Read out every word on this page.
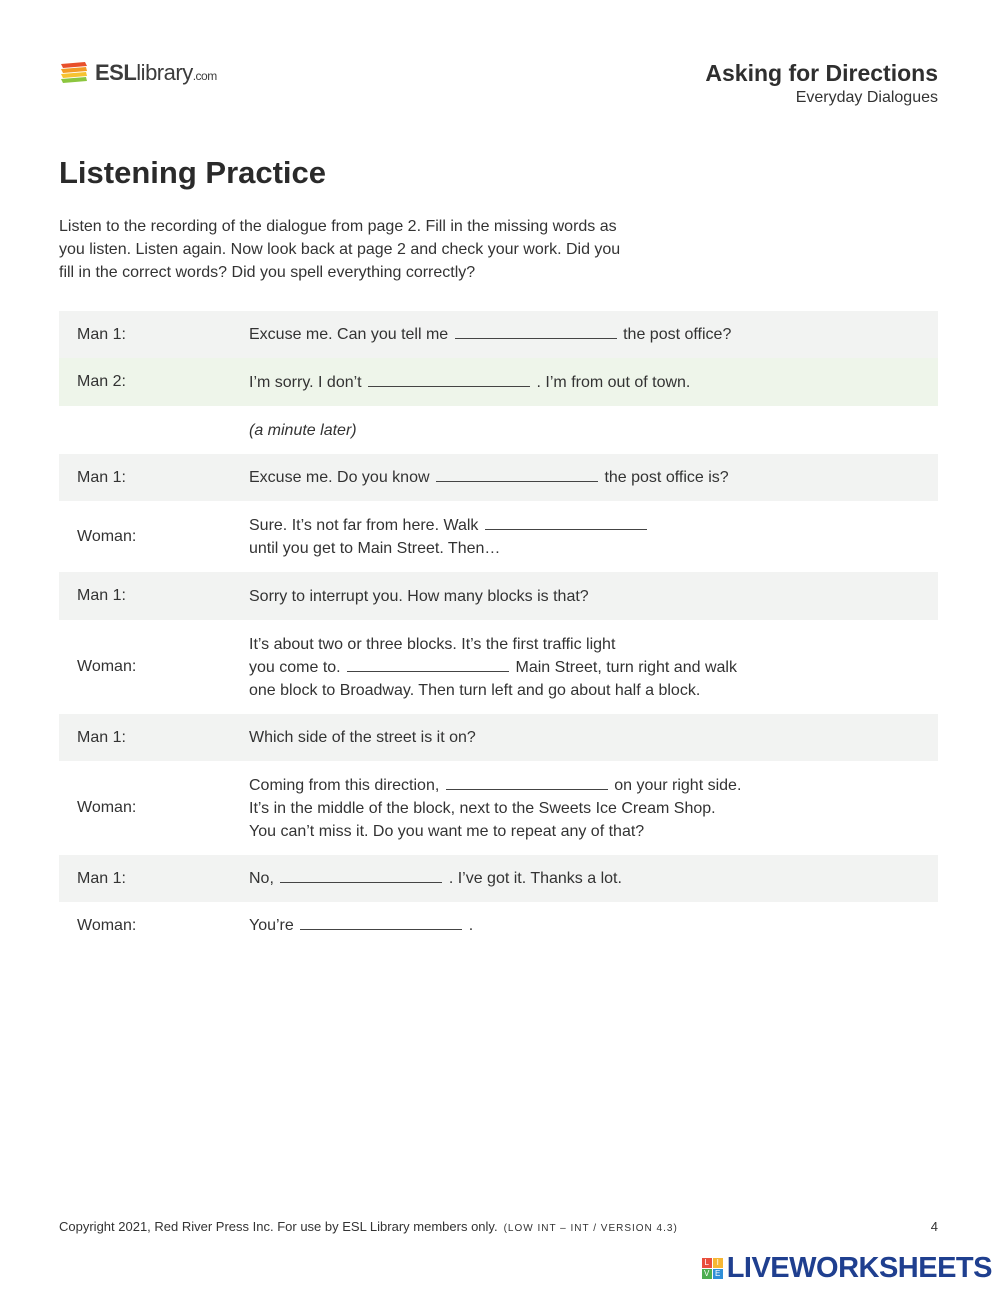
ESLlibrary.com	Asking for Directions
Everyday Dialogues
Listening Practice

Listen to the recording of the dialogue from page 2. Fill in the missing words as you listen. Listen again. Now look back at page 2 and check your work. Did you fill in the correct words? Did you spell everything correctly?

Man 1:	Excuse me. Can you tell me	the post office?
Man 2:	I’m sorry. I don’t	. I’m from out of town.
(a minute later)
Man 1:	Excuse me. Do you know	the post office is?
Woman:
Sure. It’s not far from here. Walk
until you get to Main Street. Then…
Man 1:	Sorry to interrupt you. How many blocks is that?
Woman:
It’s about two or three blocks. It’s the first traffic light
you come to.	Main Street, turn right and walk
one block to Broadway. Then turn left and go about half a block.
Man 1:	Which side of the street is it on?
Woman:
Coming from this direction,	on your right side.
It’s in the middle of the block, next to the Sweets Ice Cream Shop.
You can’t miss it. Do you want me to repeat any of that?
Man 1:	No,	. I’ve got it. Thanks a lot.
Woman:	You’re	.
Copyright 2021, Red River Press Inc. For use by ESL Library members only. (LOW INT – INT / VERSION 4.3)	4
L I
V E LIVEWORKSHEETS
